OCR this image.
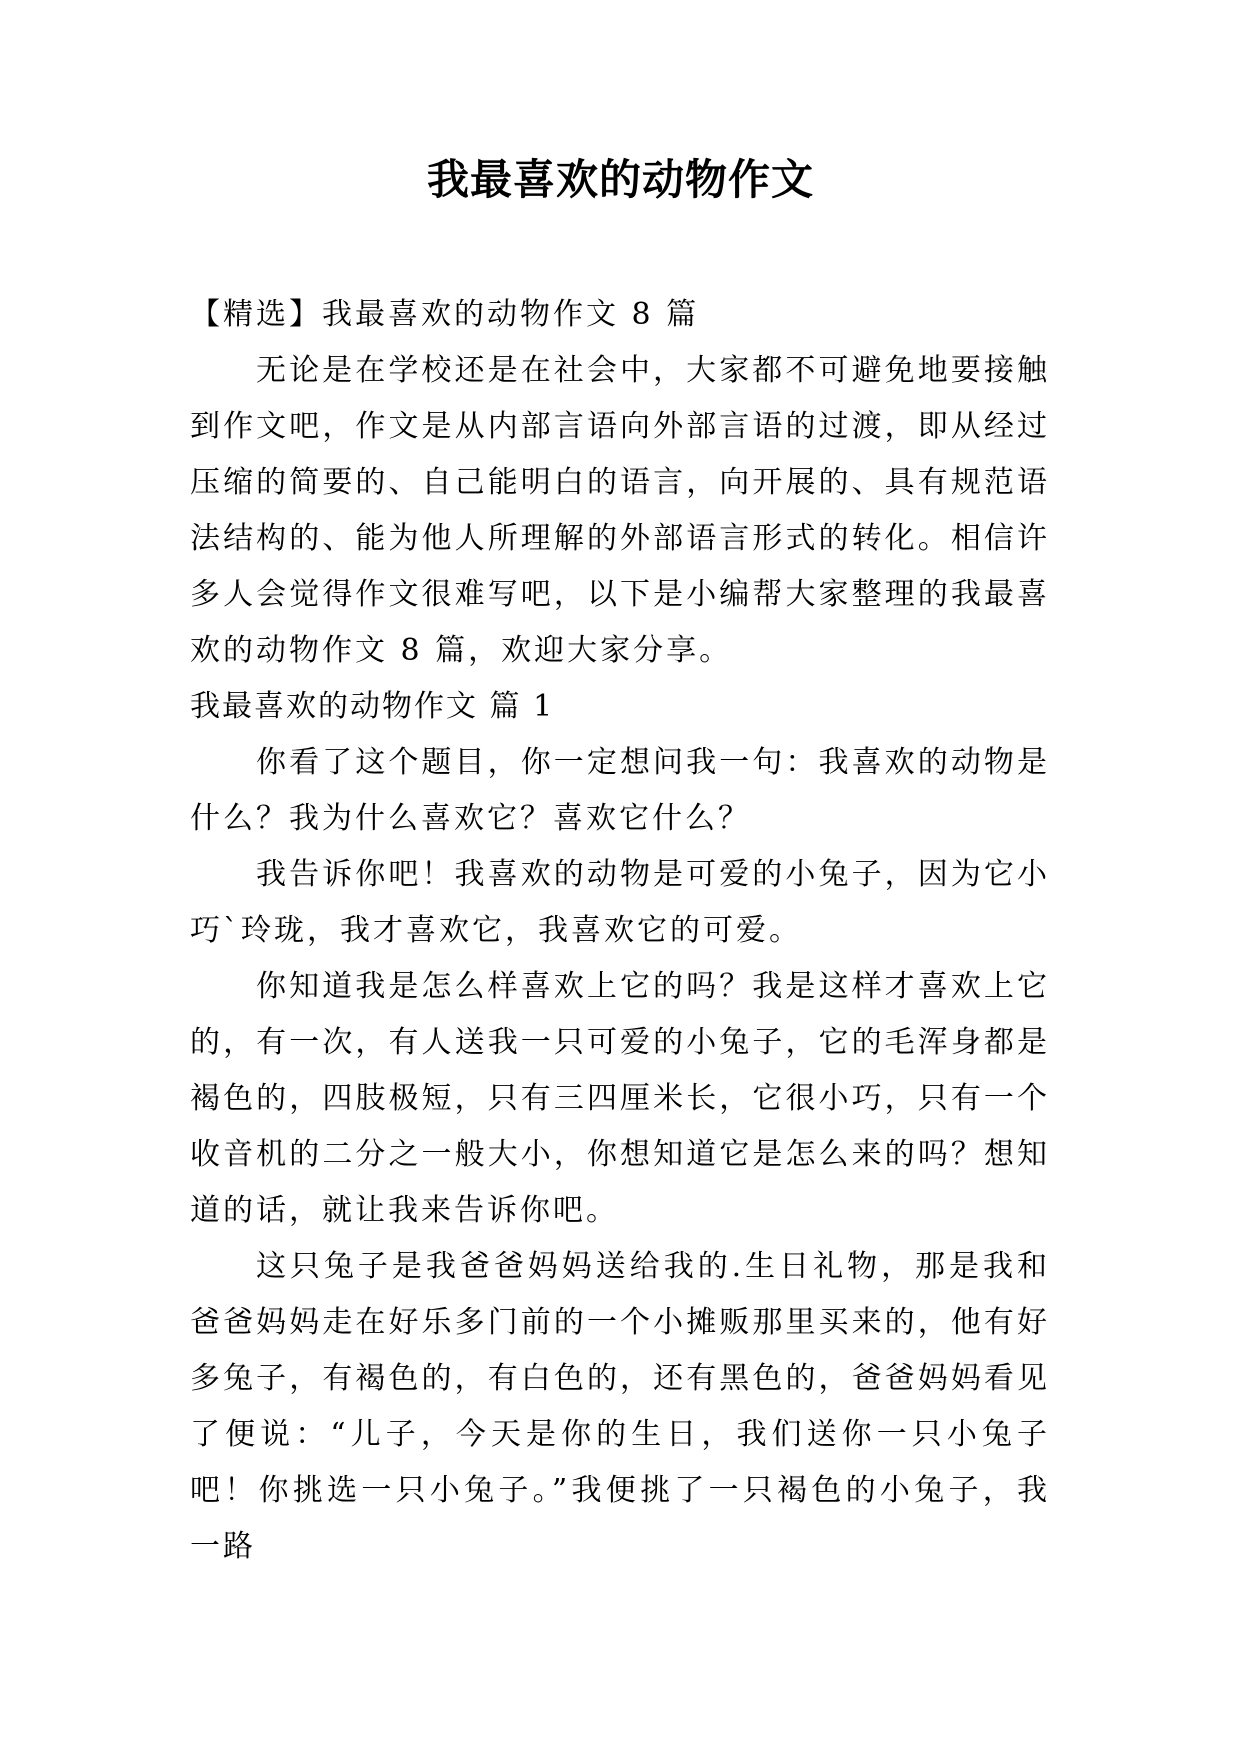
我最喜欢的动物作文

【精选】我最喜欢的动物作文 8 篇

无论是在学校还是在社会中，大家都不可避免地要接触到作文吧，作文是从内部言语向外部言语的过渡，即从经过压缩的简要的、自己能明白的语言，向开展的、具有规范语法结构的、能为他人所理解的外部语言形式的转化。相信许多人会觉得作文很难写吧，以下是小编帮大家整理的我最喜欢的动物作文 8 篇，欢迎大家分享。

我最喜欢的动物作文 篇 1

你看了这个题目，你一定想问我一句：我喜欢的动物是什么？我为什么喜欢它？喜欢它什么？

我告诉你吧！我喜欢的动物是可爱的小兔子，因为它小巧`玲珑，我才喜欢它，我喜欢它的可爱。

你知道我是怎么样喜欢上它的吗？我是这样才喜欢上它的，有一次，有人送我一只可爱的小兔子，它的毛浑身都是褐色的，四肢极短，只有三四厘米长，它很小巧，只有一个收音机的二分之一般大小，你想知道它是怎么来的吗？想知道的话，就让我来告诉你吧。

这只兔子是我爸爸妈妈送给我的.生日礼物，那是我和爸爸妈妈走在好乐多门前的一个小摊贩那里买来的，他有好多兔子，有褐色的，有白色的，还有黑色的，爸爸妈妈看见了便说：“儿子，今天是你的生日，我们送你一只小兔子吧！你挑选一只小兔子。”我便挑了一只褐色的小兔子，我一路
